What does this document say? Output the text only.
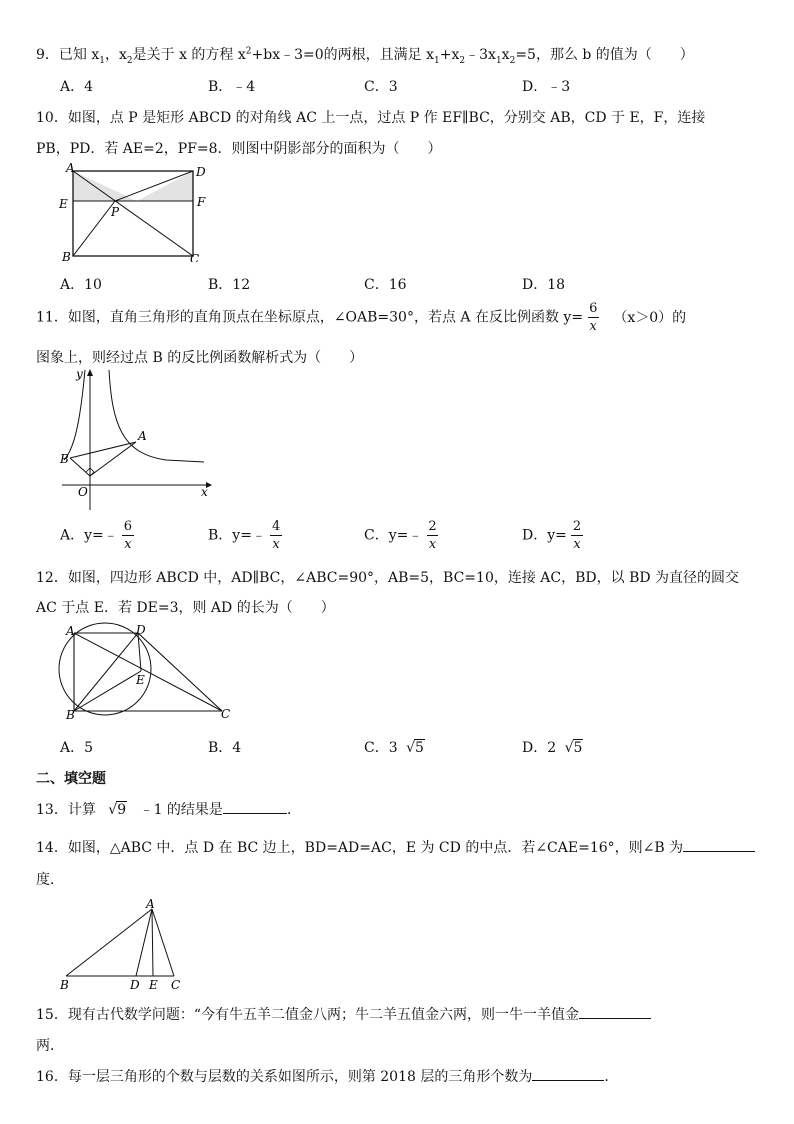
9．已知 $x_1$，$x_2$是关于 x 的方程 $x^2+bx﹣3=0$的两根，且满足 $x_1+x_2﹣3x_1x_2=5$，那么 b 的值为（　　）
A．4	B．﹣4	C．3	D．﹣3
10．如图，点 P 是矩形 ABCD 的对角线 AC 上一点，过点 P 作 EF∥BC，分别交 AB，CD 于 E，F，连接
PB，PD．若 AE=2，PF=8．则图中阴影部分的面积为（　　）
A	D
E	F
P
B	C
A．10	B．12	C．16	D．18
11．如图，直角三角形的直角顶点在坐标原点，∠OAB=30°，若点 A 在反比例函数 $y= \frac{6}{x} (x>0)$的
图象上，则经过点 B 的反比例函数解析式为（　　）
y
A
B
O	x
A．y=﹣ $\frac{6}{x}$	B．y=﹣ $\frac{4}{x}$	C．y=﹣ $\frac{2}{x}$	D．$y= \frac{2}{x}$
12．如图，四边形 ABCD 中，AD∥BC，∠ABC=90°，AB=5，BC=10，连接 AC，BD，以 BD 为直径的圆交
AC 于点 E．若 DE=3，则 AD 的长为（　　）
A	D
E
B	C
A．5	B．4	C．3 √5	D．2 √5
二、填空题
13．计算 √9 ﹣1 的结果是	．
14．如图，△ABC 中．点 D 在 BC 边上，BD=AD=AC，E 为 CD 的中点．若∠CAE=16°，则∠B 为
度．
A
B	D E C
15．现有古代数学问题：“今有牛五羊二值金八两；牛二羊五值金六两，则一牛一羊值金
两．
16．每一层三角形的个数与层数的关系如图所示，则第 2018 层的三角形个数为	．
